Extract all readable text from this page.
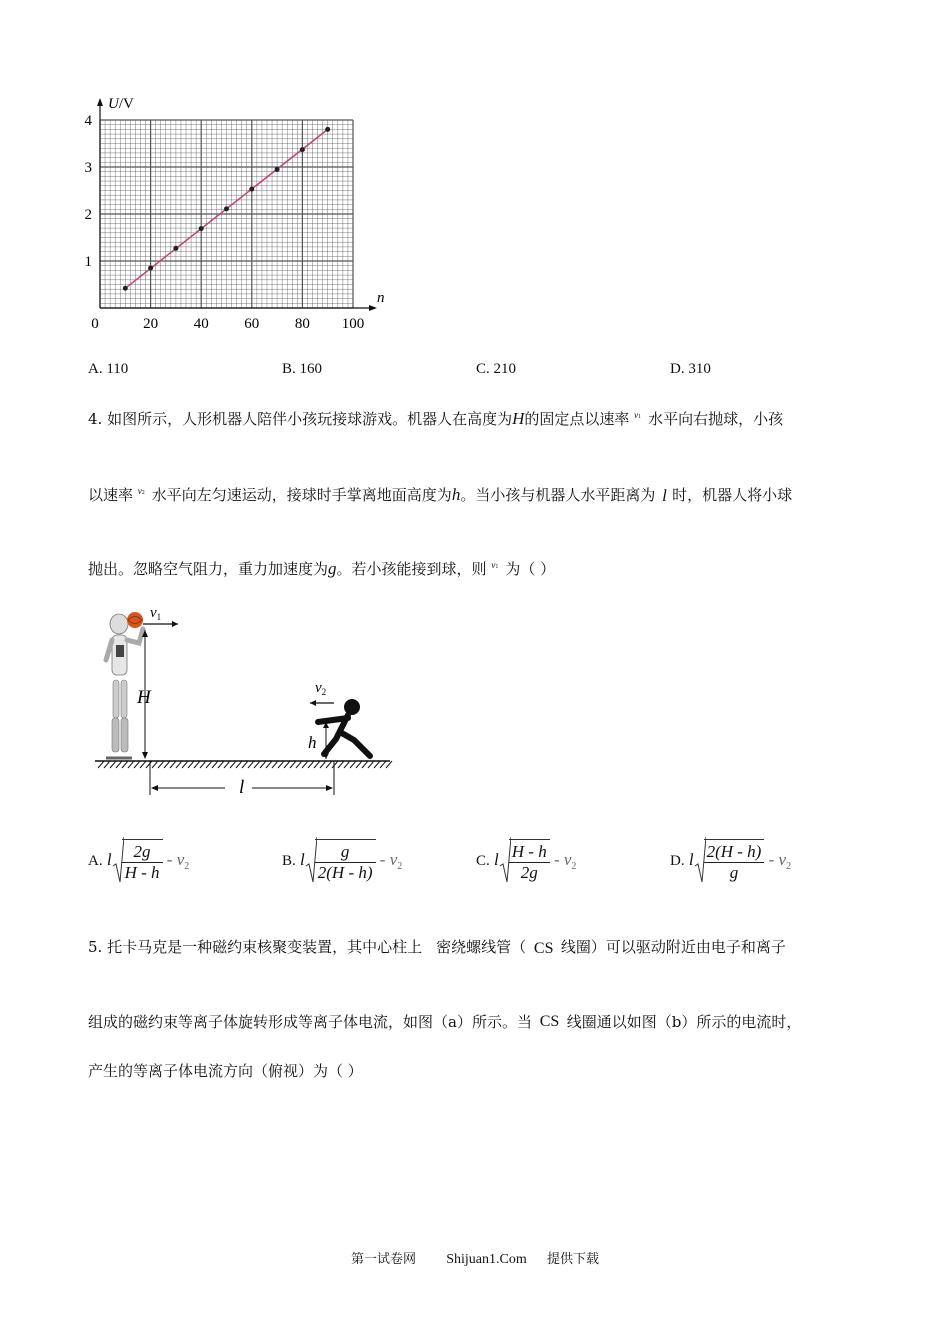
0	20 40 60 80 100
1
2
3
4
U/V
n
A. 110	B. 160	C. 210	D. 310
4. 如图所示，人形机器人陪伴小孩玩接球游戏。机器人在高度为H的固定点以速率 v1 水平向右抛球，小孩
以速率 v2 水平向左匀速运动，接球时手掌离地面高度为h。当小孩与机器人水平距离为 l 时，机器人将小球
抛出。忽略空气阻力，重力加速度为g。若小孩能接到球，则 v1 为（ ）
$v_1$
H	$v_2$
h
l
A. l $\frac{2g}{H - h} - v_2$	B. l $\frac{g}{2(H - h)} - v_2$	C. l $\frac{H - h}{2g} - v_2$	D. l $\frac{2(H - h)}{g} - v_2$
5. 托卡马克是一种磁约束核聚变装置，其中心柱上 密绕螺线管（ CS 线圈）可以驱动附近由电子和离子
组成的磁约束等离子体旋转形成等离子体电流，如图（a）所示。当 CS 线圈通以如图（b）所示的电流时，
产生的等离子体电流方向（俯视）为（ ）
第一试卷网 Shijuan1.Com 提供下载
